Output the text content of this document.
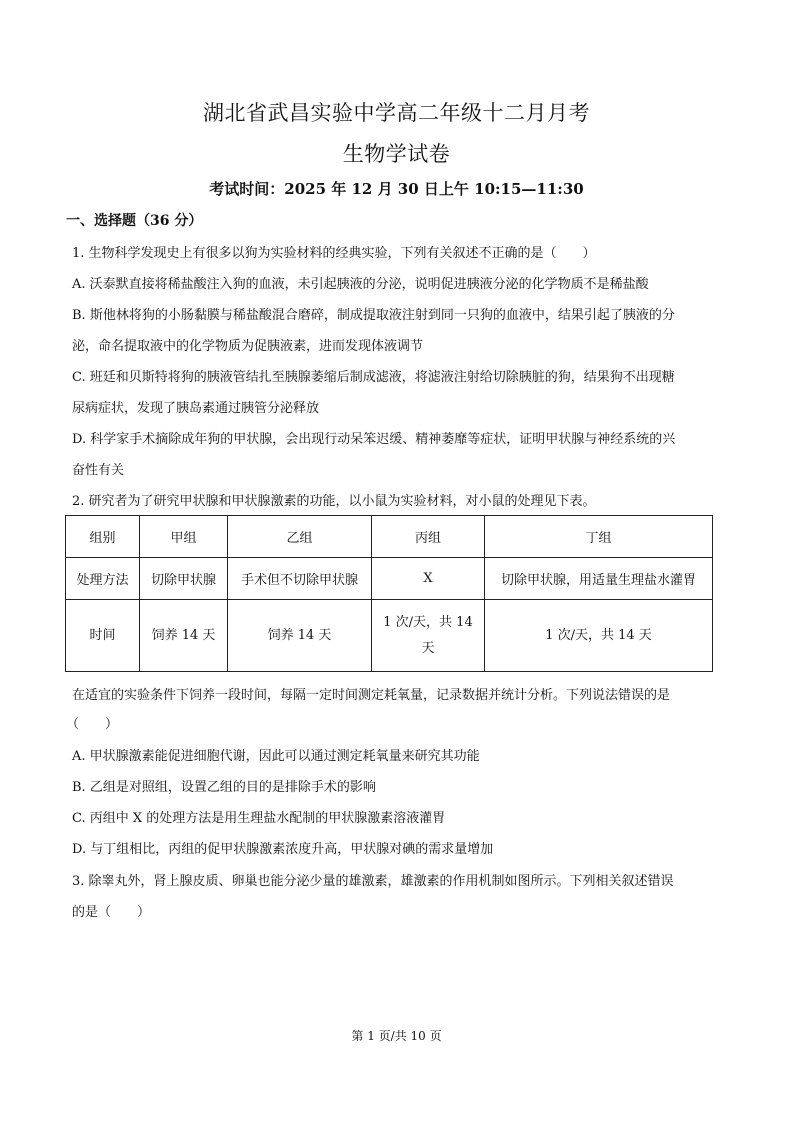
湖北省武昌实验中学高二年级十二月月考
生物学试卷
考试时间：2025 年 12 月 30 日上午 10:15—11:30
一、选择题（36 分）
1. 生物科学发现史上有很多以狗为实验材料的经典实验，下列有关叙述不正确的是（　　）
A. 沃泰默直接将稀盐酸注入狗的血液，未引起胰液的分泌，说明促进胰液分泌的化学物质不是稀盐酸
B. 斯他林将狗的小肠黏膜与稀盐酸混合磨碎，制成提取液注射到同一只狗的血液中，结果引起了胰液的分
泌，命名提取液中的化学物质为促胰液素，进而发现体液调节
C. 班廷和贝斯特将狗的胰液管结扎至胰腺萎缩后制成滤液，将滤液注射给切除胰脏的狗，结果狗不出现糖
尿病症状，发现了胰岛素通过胰管分泌释放
D. 科学家手术摘除成年狗的甲状腺，会出现行动呆笨迟缓、精神萎靡等症状，证明甲状腺与神经系统的兴
奋性有关
2. 研究者为了研究甲状腺和甲状腺激素的功能，以小鼠为实验材料，对小鼠的处理见下表。
组别	甲组	乙组	丙组	丁组
处理方法	切除甲状腺	手术但不切除甲状腺	X	切除甲状腺，用适量生理盐水灌胃
时间	饲养 14 天	饲养 14 天	1 次/天，共 14 天	1 次/天，共 14 天
在适宜的实验条件下饲养一段时间，每隔一定时间测定耗氧量，记录数据并统计分析。下列说法错误的是
（　　）
A. 甲状腺激素能促进细胞代谢，因此可以通过测定耗氧量来研究其功能
B. 乙组是对照组，设置乙组的目的是排除手术的影响
C. 丙组中 X 的处理方法是用生理盐水配制的甲状腺激素溶液灌胃
D. 与丁组相比，丙组的促甲状腺激素浓度升高，甲状腺对碘的需求量增加
3. 除睾丸外，肾上腺皮质、卵巢也能分泌少量的雄激素，雄激素的作用机制如图所示。下列相关叙述错误
的是（　　）
第 1 页/共 10 页
